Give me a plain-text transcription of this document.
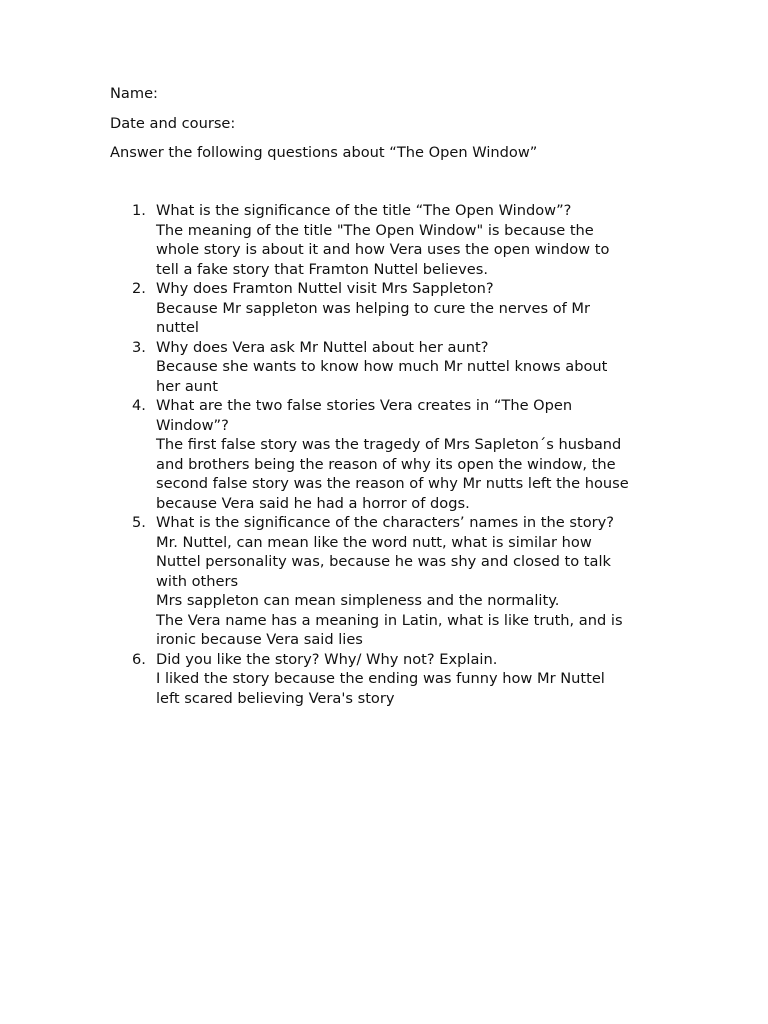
Name:
Date and course:
Answer the following questions about “The Open Window”
1. What is the significance of the title “The Open Window”?
The meaning of the title "The Open Window" is because the
whole story is about it and how Vera uses the open window to
tell a fake story that Framton Nuttel believes.
2. Why does Framton Nuttel visit Mrs Sappleton?
Because Mr sappleton was helping to cure the nerves of Mr
nuttel
3. Why does Vera ask Mr Nuttel about her aunt?
Because she wants to know how much Mr nuttel knows about
her aunt
4. What are the two false stories Vera creates in “The Open
Window”?
The first false story was the tragedy of Mrs Sapleton´s husband
and brothers being the reason of why its open the window, the
second false story was the reason of why Mr nutts left the house
because Vera said he had a horror of dogs.
5. What is the significance of the characters’ names in the story?
Mr. Nuttel, can mean like the word nutt, what is similar how
Nuttel personality was, because he was shy and closed to talk
with others
Mrs sappleton can mean simpleness and the normality.
The Vera name has a meaning in Latin, what is like truth, and is
ironic because Vera said lies
6. Did you like the story? Why/ Why not? Explain.
I liked the story because the ending was funny how Mr Nuttel
left scared believing Vera's story
